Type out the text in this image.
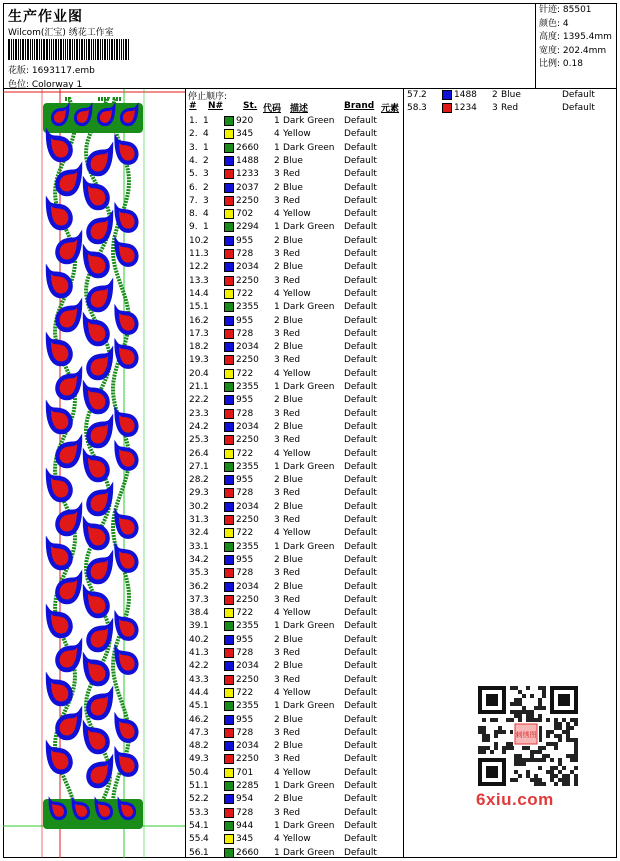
生产作业图
Wilcom(汇宝) 绣花工作室
花版: 1693117.emb
色位: Colorway 1
针迹: 85501
颜色: 4
高度: 1395.4mm
宽度: 202.4mm
比例: 0.18
停止顺序:
# N# St. 代码 描述	Brand 元素
1. 1	920 1 Dark Green Default
2. 4	345 4 Yellow	Default
3. 1	2660 1 Dark Green Default
4. 2	1488 2 Blue	Default
5. 3	1233 3 Red	Default
6. 2	2037 2 Blue	Default
7. 3	2250 3 Red	Default
8. 4	702 4 Yellow	Default
9. 1	2294 1 Dark Green Default
10. 2	955 2 Blue	Default
11. 3	728 3 Red	Default
12. 2	2034 2 Blue	Default
13. 3	2250 3 Red	Default
14. 4	722 4 Yellow	Default
15. 1	2355 1 Dark Green Default
16. 2	955 2 Blue	Default
17. 3	728 3 Red	Default
18. 2	2034 2 Blue	Default
19. 3	2250 3 Red	Default
20. 4	722 4 Yellow	Default
21. 1	2355 1 Dark Green Default
22. 2	955 2 Blue	Default
23. 3	728 3 Red	Default
24. 2	2034 2 Blue	Default
25. 3	2250 3 Red	Default
26. 4	722 4 Yellow	Default
27. 1	2355 1 Dark Green Default
28. 2	955 2 Blue	Default
29. 3	728 3 Red	Default
30. 2	2034 2 Blue	Default
31. 3	2250 3 Red	Default
32. 4	722 4 Yellow	Default
33. 1	2355 1 Dark Green Default
34. 2	955 2 Blue	Default
35. 3	728 3 Red	Default
36. 2	2034 2 Blue	Default
37. 3	2250 3 Red	Default
38. 4	722 4 Yellow	Default
39. 1	2355 1 Dark Green Default
40. 2	955 2 Blue	Default
41. 3	728 3 Red	Default
42. 2	2034 2 Blue	Default
43. 3	2250 3 Red	Default
44. 4	722 4 Yellow	Default
45. 1	2355 1 Dark Green Default
46. 2	955 2 Blue	Default
47. 3	728 3 Red	Default
48. 2	2034 2 Blue	Default
49. 3	2250 3 Red	Default
50. 4	701 4 Yellow	Default
51. 1	2285 1 Dark Green Default
52. 2	954 2 Blue	Default
53. 3	728 3 Red	Default
54. 1	944 1 Dark Green Default
55. 4	345 4 Yellow	Default
56. 1	2660 1 Dark Green Default
57. 2	1488 2 Blue	Default
58. 3	1234 3 Red	Default
刺绣图
6xiu.com
